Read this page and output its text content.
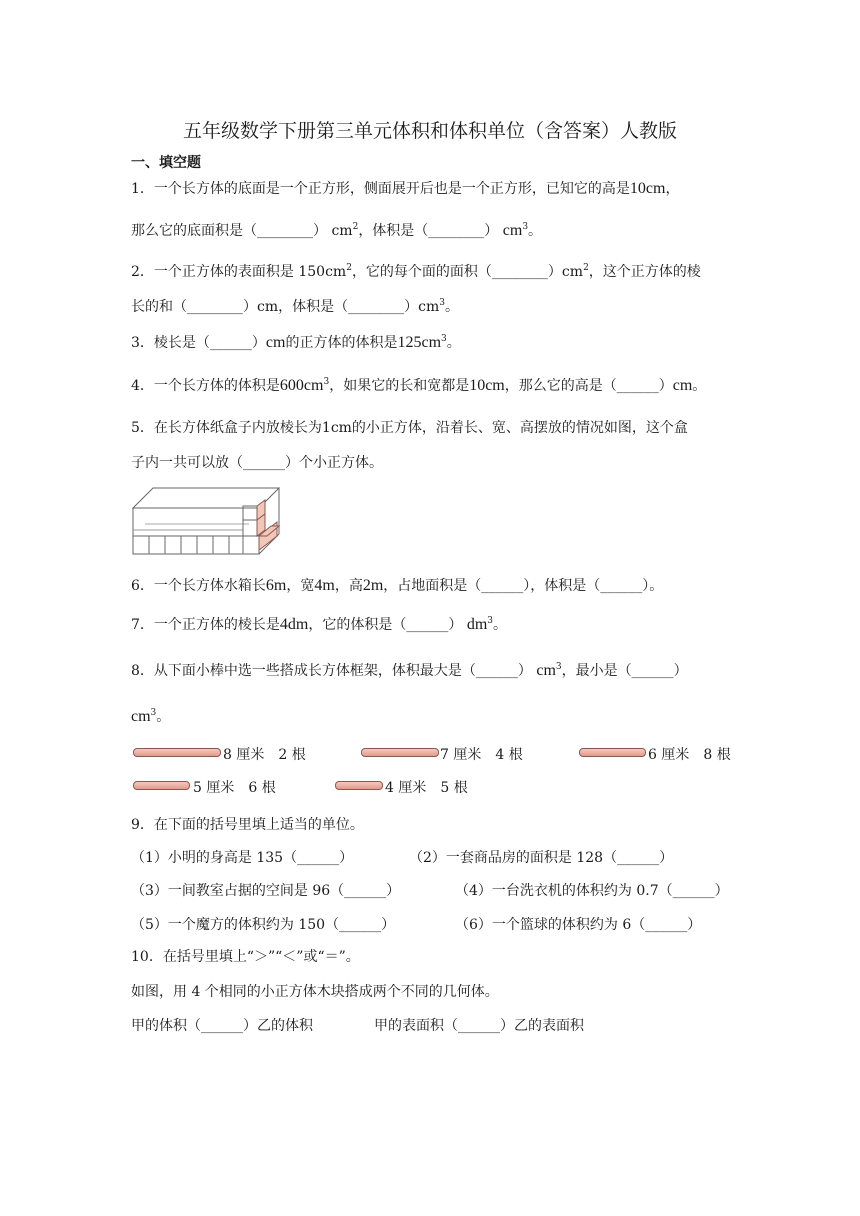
五年级数学下册第三单元体积和体积单位（含答案）人教版
一、填空题
1．一个长方体的底面是一个正方形，侧面展开后也是一个正方形，已知它的高是10cm，
那么它的底面积是（________） $cm^2$，体积是（________） $cm^3$。
2．一个正方体的表面积是 $150cm^2$，它的每个面的面积$(\_\_\_\_\_\_\_\_)cm^2$，这个正方体的棱
长的和（________）cm，体积是$(\_\_\_\_\_\_\_\_)cm^3$。
3．棱长是（______）cm的正方体的体积是$125cm^3$。
4．一个长方体的体积是$600cm^3$，如果它的长和宽都是10cm，那么它的高是（______）cm。
5．在长方体纸盒子内放棱长为1cm的小正方体，沿着长、宽、高摆放的情况如图，这个盒
子内一共可以放（______）个小正方体。
6．一个长方体水箱长6m，宽4m，高2m，占地面积是（______），体积是（______）。
7．一个正方体的棱长是4dm，它的体积是（______） $dm^3$。
8．从下面小棒中选一些搭成长方体框架，体积最大是（______） $cm^3$，最小是（______）
$cm^3$。
8 厘米　2 根	7 厘米　4 根	6 厘米　8 根
5 厘米　6 根	4 厘米　5 根
9．在下面的括号里填上适当的单位。
（1）小明的身高是 135（______）	（2）一套商品房的面积是 128（______）
（3）一间教室占据的空间是 96（______）	（4）一台洗衣机的体积约为 0.7（______）
（5）一个魔方的体积约为 150（______）	（6）一个篮球的体积约为 6（______）
10．在括号里填上“＞”“＜”或“＝”。
如图，用 4 个相同的小正方体木块搭成两个不同的几何体。
甲的体积（______）乙的体积	甲的表面积（______）乙的表面积
